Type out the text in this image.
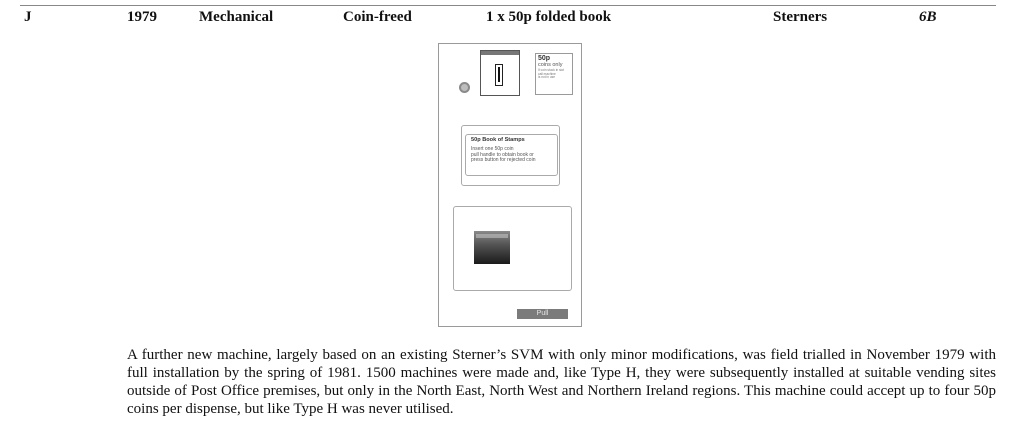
J	1979	Mechanical	Coin-freed	1 x 50p folded book	Sterners	6B
50p
coins only
If coin stuck in slot
call machine
is not in use
50p Book of Stamps
Insert one 50p coin
pull handle to obtain book or
press button for rejected coin
Pull

A further new machine, largely based on an existing Sterner’s SVM with only minor modifications, was field trialled in November 1979 with full installation by the spring of 1981. 1500 machines were made and, like Type H, they were subsequently installed at suitable vending sites outside of Post Office premises, but only in the North East, North West and Northern Ireland regions. This machine could accept up to four 50p coins per dispense, but like Type H was never utilised.
